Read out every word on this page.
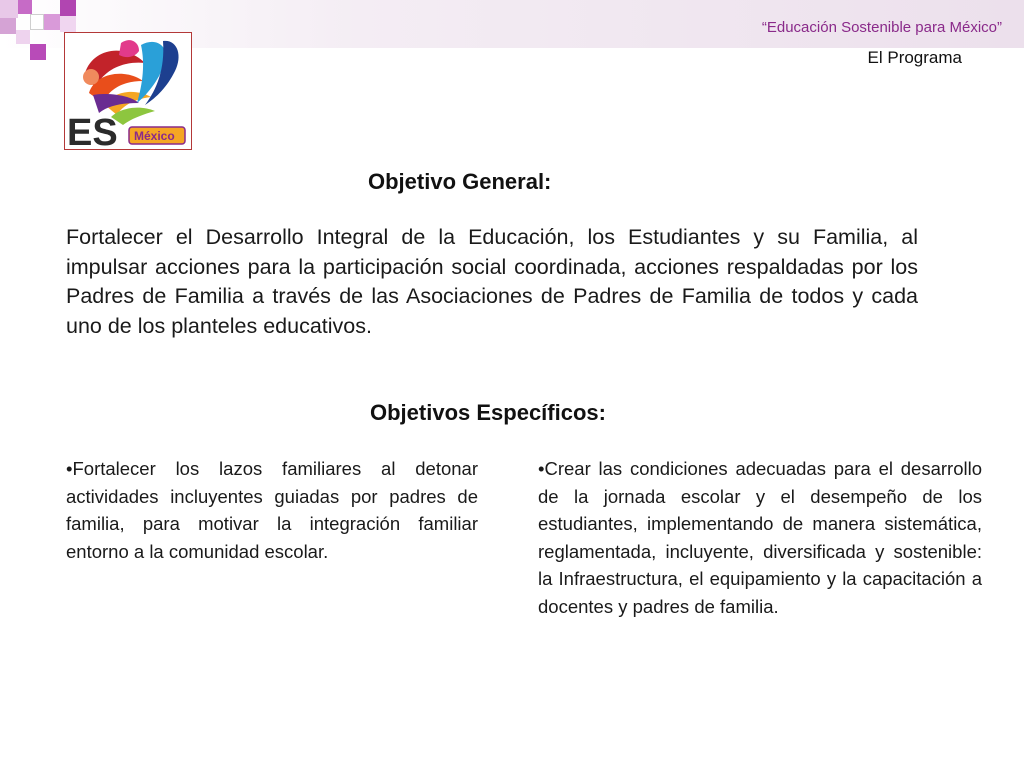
“Educación Sostenible para México”
El Programa
ES México
Objetivo General:
Fortalecer el Desarrollo Integral de la Educación, los Estudiantes y su Familia, al impulsar acciones para la participación social coordinada, acciones respaldadas por los Padres de Familia a través de las Asociaciones de Padres de Familia de todos y cada uno de los planteles educativos.
Objetivos Específicos:
•Fortalecer los lazos familiares al detonar actividades incluyentes guiadas por padres de familia, para motivar la integración familiar entorno a la comunidad escolar.
•Crear las condiciones adecuadas para el desarrollo de la jornada escolar y el desempeño de los estudiantes, implementando de manera sistemática, reglamentada, incluyente, diversificada y sostenible: la Infraestructura, el equipamiento y la capacitación a docentes y padres de familia.
